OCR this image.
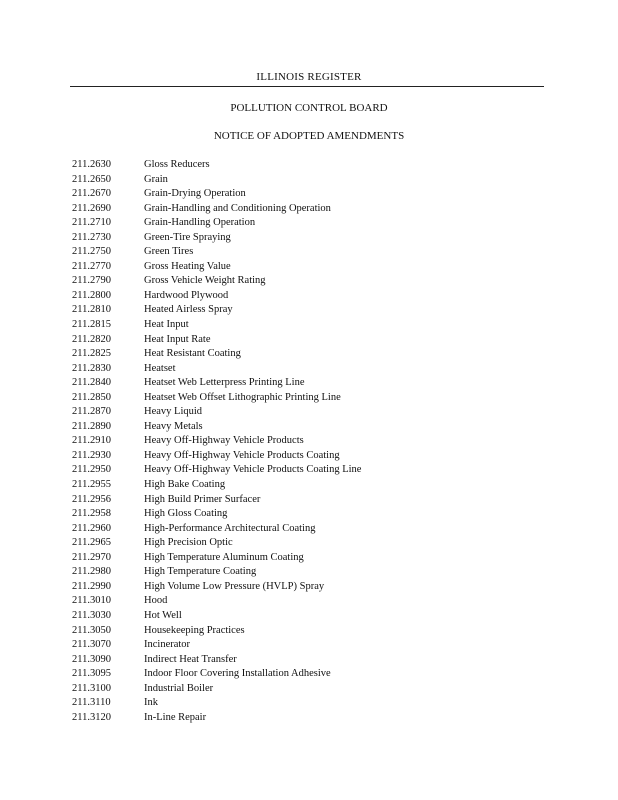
ILLINOIS REGISTER
POLLUTION CONTROL BOARD
NOTICE OF ADOPTED AMENDMENTS
211.2630	Gloss Reducers
211.2650	Grain
211.2670	Grain-Drying Operation
211.2690	Grain-Handling and Conditioning Operation
211.2710	Grain-Handling Operation
211.2730	Green-Tire Spraying
211.2750	Green Tires
211.2770	Gross Heating Value
211.2790	Gross Vehicle Weight Rating
211.2800	Hardwood Plywood
211.2810	Heated Airless Spray
211.2815	Heat Input
211.2820	Heat Input Rate
211.2825	Heat Resistant Coating
211.2830	Heatset
211.2840	Heatset Web Letterpress Printing Line
211.2850	Heatset Web Offset Lithographic Printing Line
211.2870	Heavy Liquid
211.2890	Heavy Metals
211.2910	Heavy Off-Highway Vehicle Products
211.2930	Heavy Off-Highway Vehicle Products Coating
211.2950	Heavy Off-Highway Vehicle Products Coating Line
211.2955	High Bake Coating
211.2956	High Build Primer Surfacer
211.2958	High Gloss Coating
211.2960	High-Performance Architectural Coating
211.2965	High Precision Optic
211.2970	High Temperature Aluminum Coating
211.2980	High Temperature Coating
211.2990	High Volume Low Pressure (HVLP) Spray
211.3010	Hood
211.3030	Hot Well
211.3050	Housekeeping Practices
211.3070	Incinerator
211.3090	Indirect Heat Transfer
211.3095	Indoor Floor Covering Installation Adhesive
211.3100	Industrial Boiler
211.3110	Ink
211.3120	In-Line Repair
